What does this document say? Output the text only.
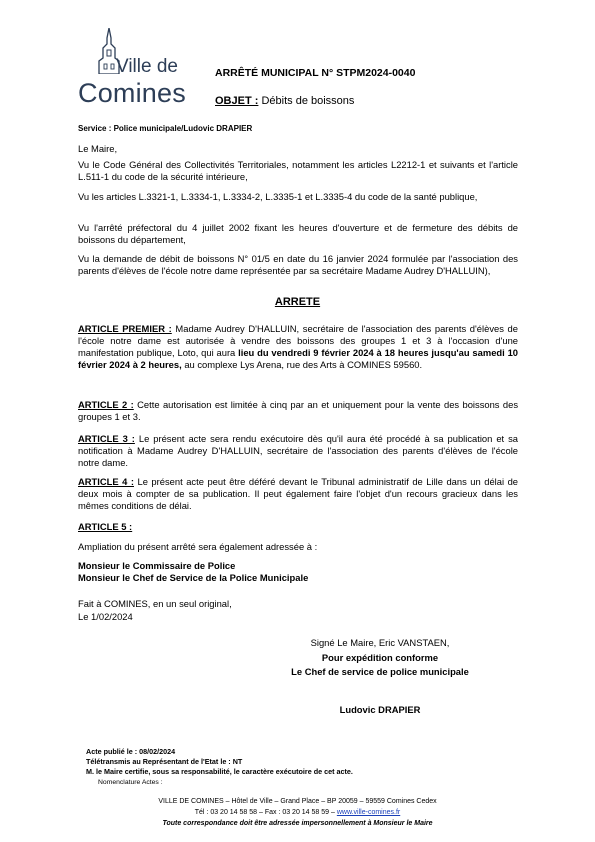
Ville de
Comines
ARRÊTÉ MUNICIPAL N° STPM2024-0040
OBJET : Débits de boissons
Service : Police municipale/Ludovic DRAPIER
Le Maire,
Vu le Code Général des Collectivités Territoriales, notamment les articles L2212-1 et suivants et l'article L.511-1 du code de la sécurité intérieure,
Vu les articles L.3321-1, L.3334-1, L.3334-2, L.3335-1 et L.3335-4 du code de la santé publique,
Vu l'arrêté préfectoral du 4 juillet 2002 fixant les heures d'ouverture et de fermeture des débits de boissons du département,
Vu la demande de débit de boissons N° 01/5 en date du 16 janvier 2024 formulée par l'association des parents d'élèves de l'école notre dame représentée par sa secrétaire Madame Audrey D'HALLUIN),
ARRETE
ARTICLE PREMIER : Madame Audrey D'HALLUIN, secrétaire de l'association des parents d'élèves de l'école notre dame est autorisée à vendre des boissons des groupes 1 et 3 à l'occasion d'une manifestation publique, Loto, qui aura lieu du vendredi 9 février 2024 à 18 heures jusqu'au samedi 10 février 2024 à 2 heures, au complexe Lys Arena, rue des Arts à COMINES 59560.
ARTICLE 2 : Cette autorisation est limitée à cinq par an et uniquement pour la vente des boissons des groupes 1 et 3.
ARTICLE 3 : Le présent acte sera rendu exécutoire dès qu'il aura été procédé à sa publication et sa notification à Madame Audrey D'HALLUIN, secrétaire de l'association des parents d'élèves de l'école notre dame.
ARTICLE 4 : Le présent acte peut être déféré devant le Tribunal administratif de Lille dans un délai de deux mois à compter de sa publication. Il peut également faire l'objet d'un recours gracieux dans les mêmes conditions de délai.
ARTICLE 5 :
Ampliation du présent arrêté sera également adressée à :
Monsieur le Commissaire de Police
Monsieur le Chef de Service de la Police Municipale
Fait à COMINES, en un seul original,
Le 1/02/2024
Signé Le Maire, Eric VANSTAEN,
Pour expédition conforme
Le Chef de service de police municipale
Ludovic DRAPIER
Acte publié le : 08/02/2024
Télétransmis au Représentant de l'Etat le : NT
M. le Maire certifie, sous sa responsabilité, le caractère exécutoire de cet acte.
Nomenclature Actes :
VILLE DE COMINES – Hôtel de Ville – Grand Place – BP 20059 – 59559 Comines Cedex
Tél : 03 20 14 58 58 – Fax : 03 20 14 58 59 – www.ville-comines.fr
Toute correspondance doit être adressée impersonnellement à Monsieur le Maire
